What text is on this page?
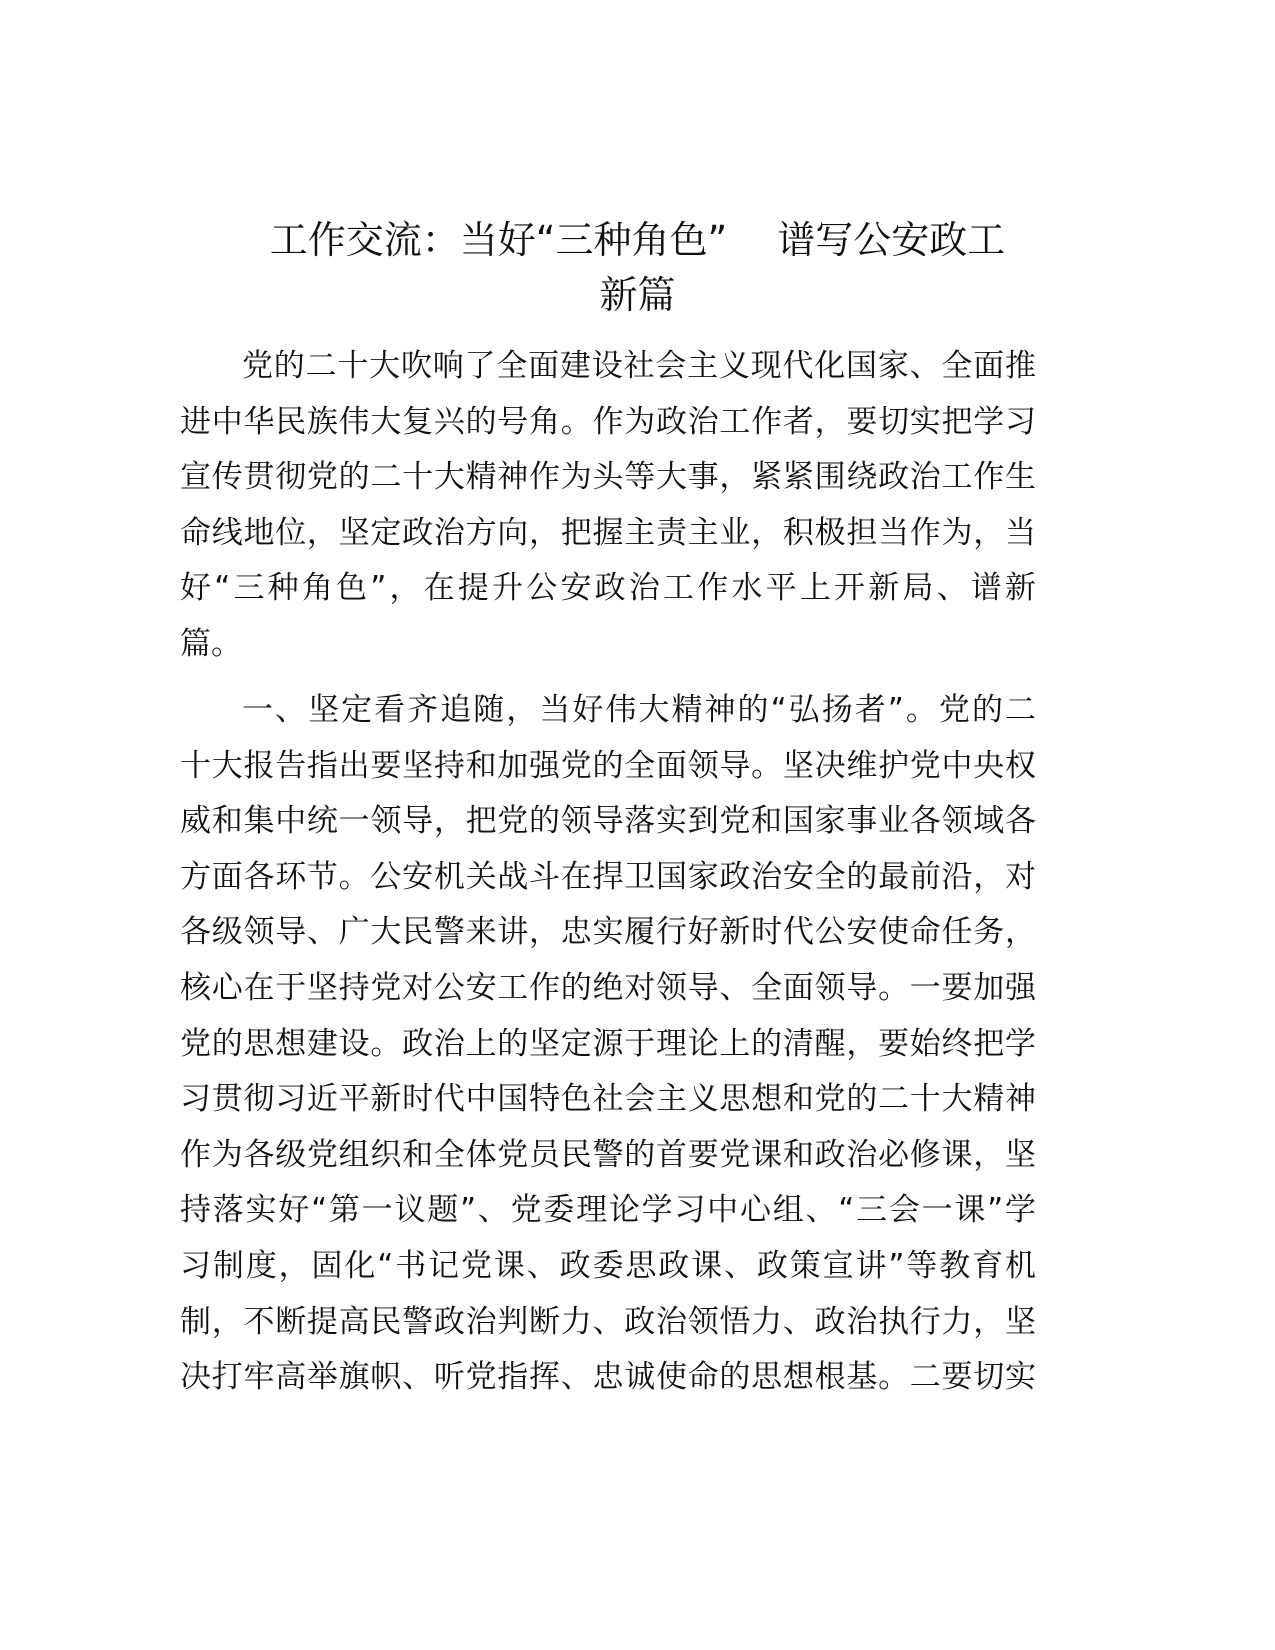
工作交流：当好“三种角色”　 谱写公安政工
新篇
党的二十大吹响了全面建设社会主义现代化国家、全面推
进中华民族伟大复兴的号角。作为政治工作者，要切实把学习
宣传贯彻党的二十大精神作为头等大事，紧紧围绕政治工作生
命线地位，坚定政治方向，把握主责主业，积极担当作为，当
好“三种角色”，在提升公安政治工作水平上开新局、谱新
篇。
一、坚定看齐追随，当好伟大精神的“弘扬者”。党的二
十大报告指出要坚持和加强党的全面领导。坚决维护党中央权
威和集中统一领导，把党的领导落实到党和国家事业各领域各
方面各环节。公安机关战斗在捍卫国家政治安全的最前沿，对
各级领导、广大民警来讲，忠实履行好新时代公安使命任务，
核心在于坚持党对公安工作的绝对领导、全面领导。一要加强
党的思想建设。政治上的坚定源于理论上的清醒，要始终把学
习贯彻习近平新时代中国特色社会主义思想和党的二十大精神
作为各级党组织和全体党员民警的首要党课和政治必修课，坚
持落实好“第一议题”、党委理论学习中心组、“三会一课”学
习制度，固化“书记党课、政委思政课、政策宣讲”等教育机
制，不断提高民警政治判断力、政治领悟力、政治执行力，坚
决打牢高举旗帜、听党指挥、忠诚使命的思想根基。二要切实
